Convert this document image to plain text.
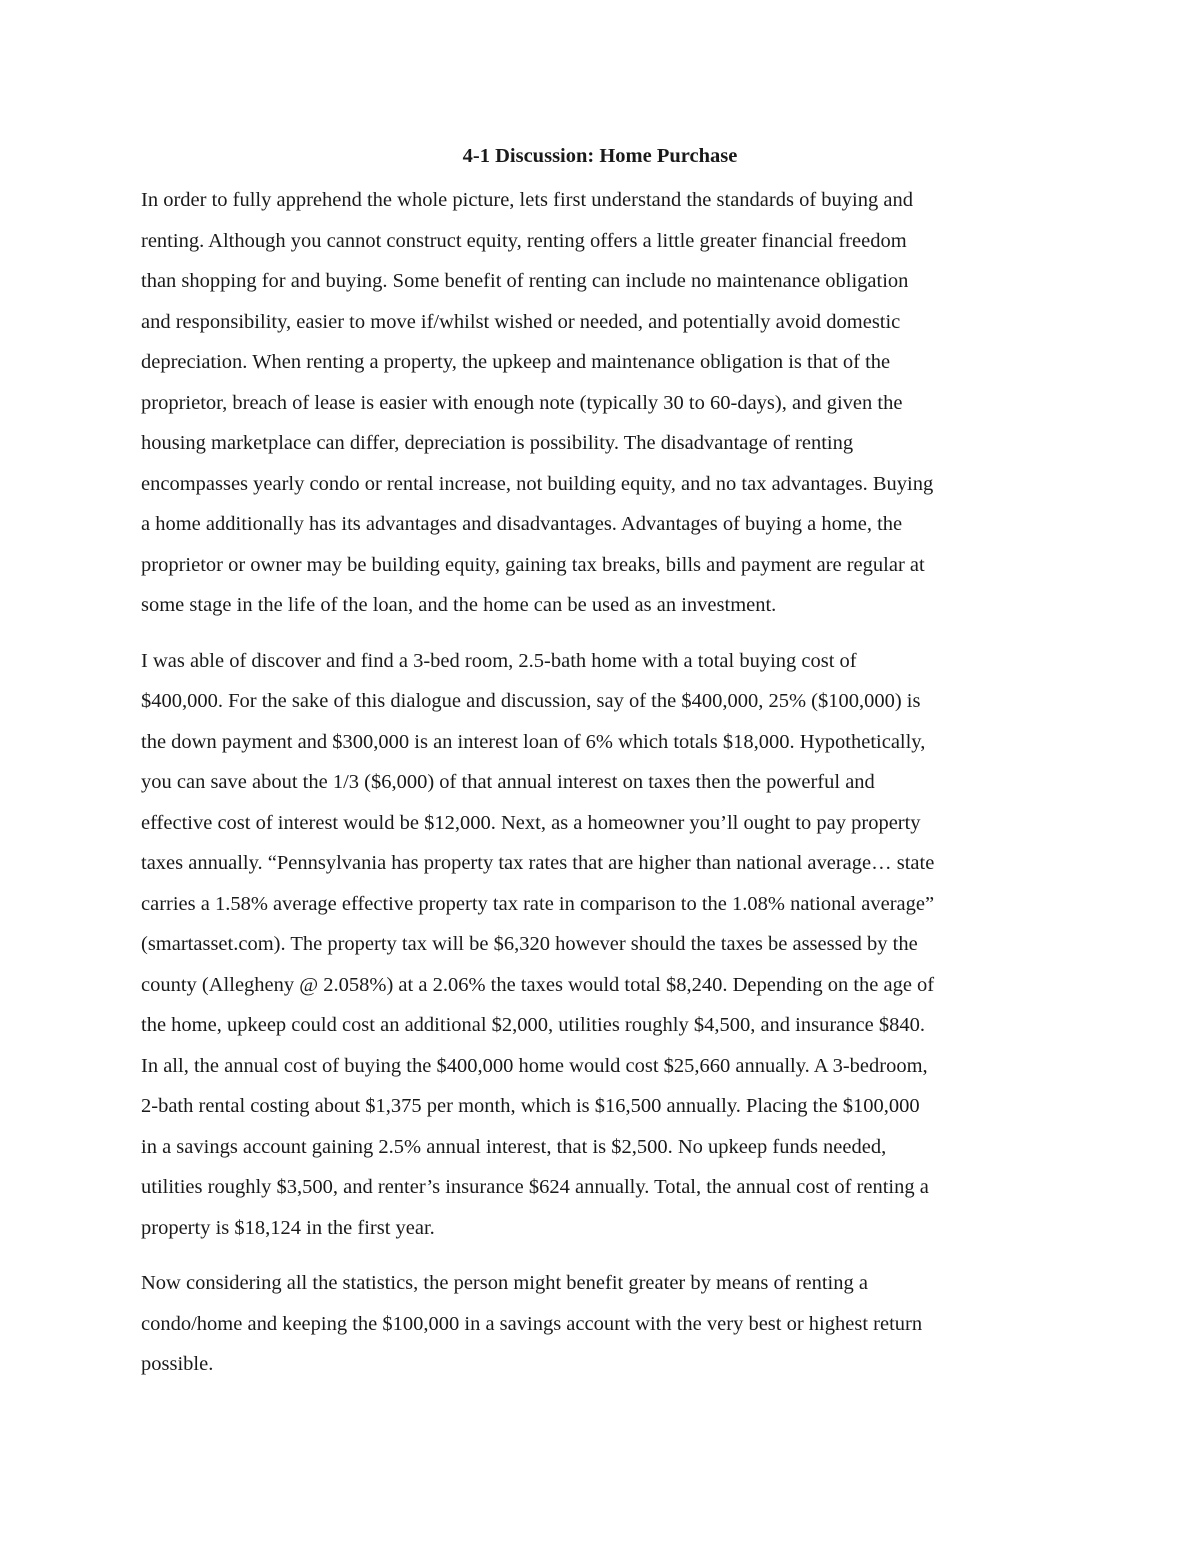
4-1 Discussion: Home Purchase

In order to fully apprehend the whole picture, lets first understand the standards of buying and
renting. Although you cannot construct equity, renting offers a little greater financial freedom
than shopping for and buying. Some benefit of renting can include no maintenance obligation
and responsibility, easier to move if/whilst wished or needed, and potentially avoid domestic
depreciation. When renting a property, the upkeep and maintenance obligation is that of the
proprietor, breach of lease is easier with enough note (typically 30 to 60-days), and given the
housing marketplace can differ, depreciation is possibility. The disadvantage of renting
encompasses yearly condo or rental increase, not building equity, and no tax advantages. Buying
a home additionally has its advantages and disadvantages. Advantages of buying a home, the
proprietor or owner may be building equity, gaining tax breaks, bills and payment are regular at
some stage in the life of the loan, and the home can be used as an investment.

I was able of discover and find a 3-bed room, 2.5-bath home with a total buying cost of
$400,000. For the sake of this dialogue and discussion, say of the $400,000, 25% ($100,000) is
the down payment and $300,000 is an interest loan of 6% which totals $18,000. Hypothetically,
you can save about the 1/3 ($6,000) of that annual interest on taxes then the powerful and
effective cost of interest would be $12,000. Next, as a homeowner you’ll ought to pay property
taxes annually. “Pennsylvania has property tax rates that are higher than national average… state
carries a 1.58% average effective property tax rate in comparison to the 1.08% national average”
(smartasset.com). The property tax will be $6,320 however should the taxes be assessed by the
county (Allegheny @ 2.058%) at a 2.06% the taxes would total $8,240. Depending on the age of
the home, upkeep could cost an additional $2,000, utilities roughly $4,500, and insurance $840.
In all, the annual cost of buying the $400,000 home would cost $25,660 annually. A 3-bedroom,
2-bath rental costing about $1,375 per month, which is $16,500 annually. Placing the $100,000
in a savings account gaining 2.5% annual interest, that is $2,500. No upkeep funds needed,
utilities roughly $3,500, and renter’s insurance $624 annually. Total, the annual cost of renting a
property is $18,124 in the first year.

Now considering all the statistics, the person might benefit greater by means of renting a
condo/home and keeping the $100,000 in a savings account with the very best or highest return
possible.
